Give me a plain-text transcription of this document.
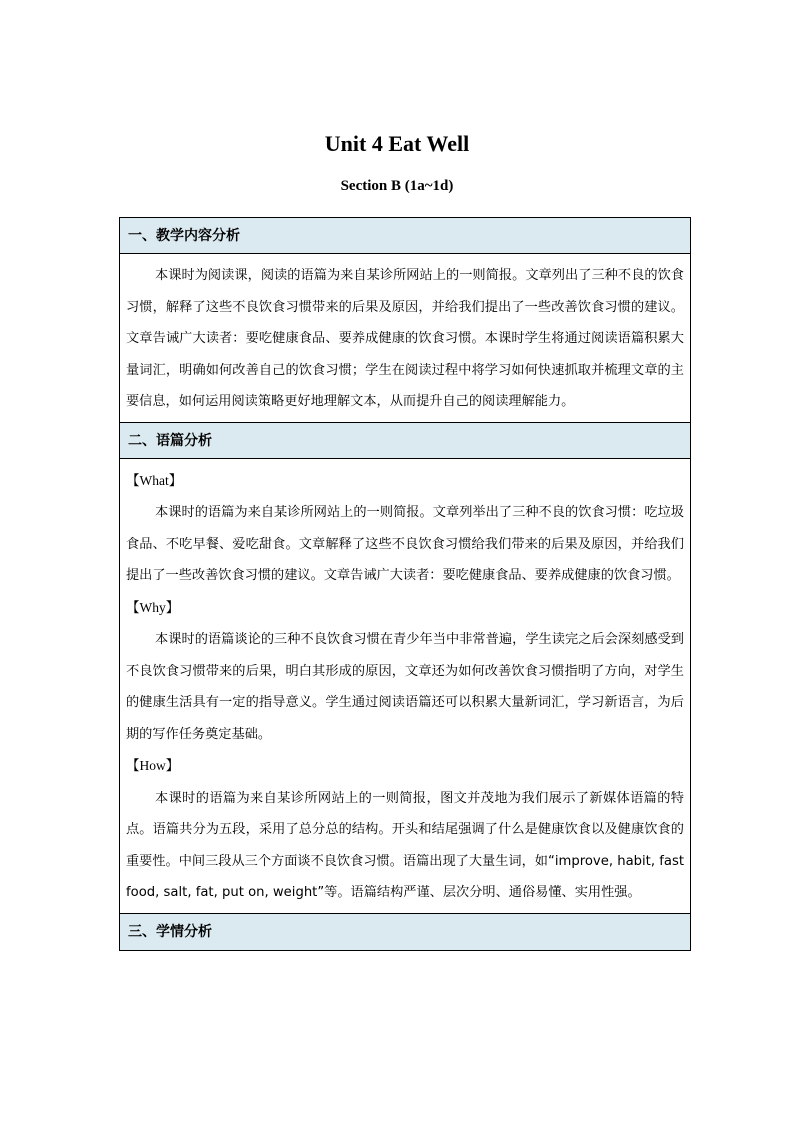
Unit 4 Eat Well
Section B (1a~1d)
一、教学内容分析

本课时为阅读课，阅读的语篇为来自某诊所网站上的一则简报。文章列出了三种不良的饮食习惯，解释了这些不良饮食习惯带来的后果及原因，并给我们提出了一些改善饮食习惯的建议。文章告诫广大读者：要吃健康食品、要养成健康的饮食习惯。本课时学生将通过阅读语篇积累大量词汇，明确如何改善自己的饮食习惯；学生在阅读过程中将学习如何快速抓取并梳理文章的主要信息，如何运用阅读策略更好地理解文本，从而提升自己的阅读理解能力。

二、语篇分析

【What】

本课时的语篇为来自某诊所网站上的一则简报。文章列举出了三种不良的饮食习惯：吃垃圾食品、不吃早餐、爱吃甜食。文章解释了这些不良饮食习惯给我们带来的后果及原因，并给我们提出了一些改善饮食习惯的建议。文章告诫广大读者：要吃健康食品、要养成健康的饮食习惯。

【Why】

本课时的语篇谈论的三种不良饮食习惯在青少年当中非常普遍，学生读完之后会深刻感受到不良饮食习惯带来的后果，明白其形成的原因，文章还为如何改善饮食习惯指明了方向，对学生的健康生活具有一定的指导意义。学生通过阅读语篇还可以积累大量新词汇，学习新语言，为后期的写作任务奠定基础。

【How】

本课时的语篇为来自某诊所网站上的一则简报，图文并茂地为我们展示了新媒体语篇的特点。语篇共分为五段，采用了总分总的结构。开头和结尾强调了什么是健康饮食以及健康饮食的重要性。中间三段从三个方面谈不良饮食习惯。语篇出现了大量生词，如“improve, habit, fast food, salt, fat, put on, weight”等。语篇结构严谨、层次分明、通俗易懂、实用性强。

三、学情分析
